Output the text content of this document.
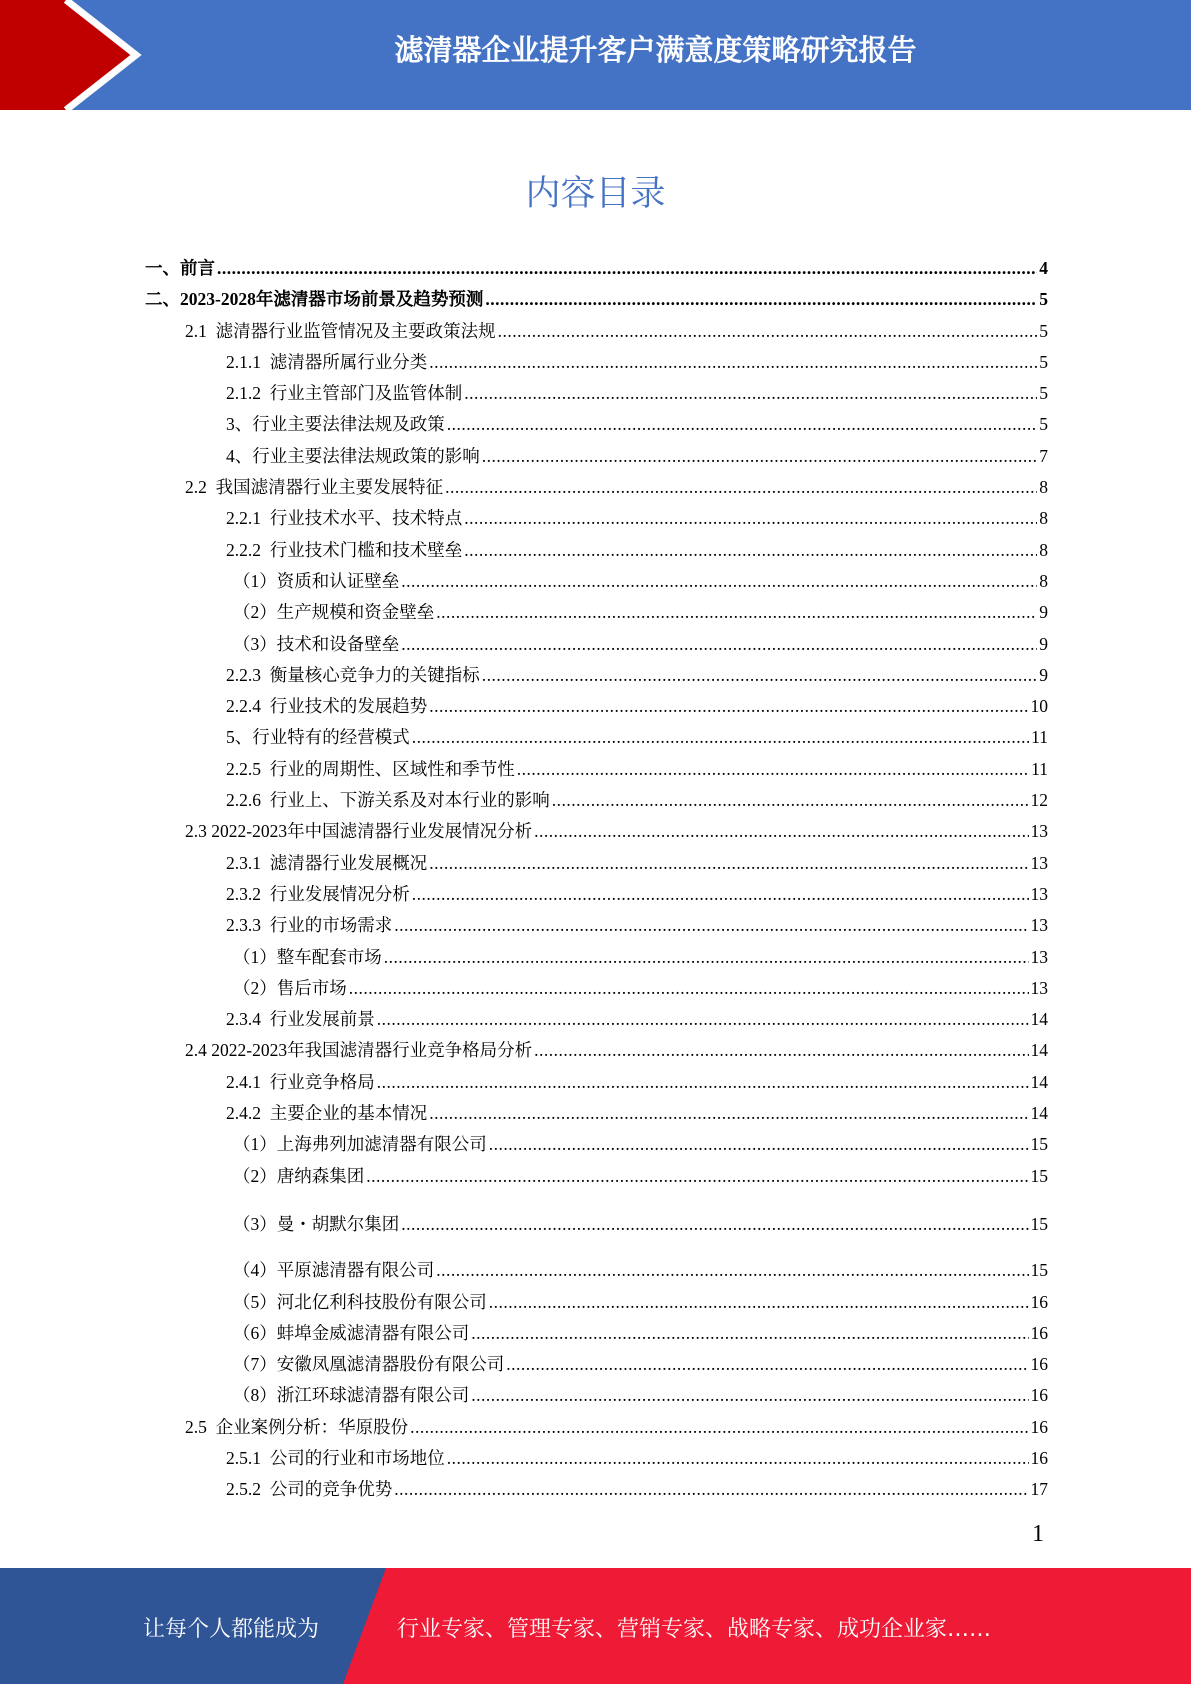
滤清器企业提升客户满意度策略研究报告
内容目录
一、前言 .....	4
二、2023-2028年滤清器市场前景及趋势预测 .....	5
2.1  滤清器行业监管情况及主要政策法规 .....	5
2.1.1  滤清器所属行业分类 .....	5
2.1.2  行业主管部门及监管体制 .....	5
3、行业主要法律法规及政策 .....	5
4、行业主要法律法规政策的影响 .....	7
2.2  我国滤清器行业主要发展特征 .....	8
2.2.1  行业技术水平、技术特点 .....	8
2.2.2  行业技术门槛和技术壁垒 .....	8
（1）资质和认证壁垒 .....	8
（2）生产规模和资金壁垒 .....	9
（3）技术和设备壁垒 .....	9
2.2.3  衡量核心竞争力的关键指标 .....	9
2.2.4  行业技术的发展趋势 .....	10
5、行业特有的经营模式 .....	11
2.2.5  行业的周期性、区域性和季节性 .....	11
2.2.6  行业上、下游关系及对本行业的影响 .....	12
2.3 2022-2023年中国滤清器行业发展情况分析 .....	13
2.3.1  滤清器行业发展概况 .....	13
2.3.2  行业发展情况分析 .....	13
2.3.3  行业的市场需求 .....	13
（1）整车配套市场 .....	13
（2）售后市场 .....	13
2.3.4  行业发展前景 .....	14
2.4 2022-2023年我国滤清器行业竞争格局分析 .....	14
2.4.1  行业竞争格局 .....	14
2.4.2  主要企业的基本情况 .....	14
（1）上海弗列加滤清器有限公司 .....	15
（2）唐纳森集团 .....	15
（3）曼・胡默尔集团 .....	15
（4）平原滤清器有限公司 .....	15
（5）河北亿利科技股份有限公司 .....	16
（6）蚌埠金威滤清器有限公司 .....	16
（7）安徽凤凰滤清器股份有限公司 .....	16
（8）浙江环球滤清器有限公司 .....	16
2.5  企业案例分析：华原股份 .....	16
2.5.1  公司的行业和市场地位 .....	16
2.5.2  公司的竞争优势 .....	17
1
让每个人都能成为	行业专家、管理专家、营销专家、战略专家、成功企业家……
